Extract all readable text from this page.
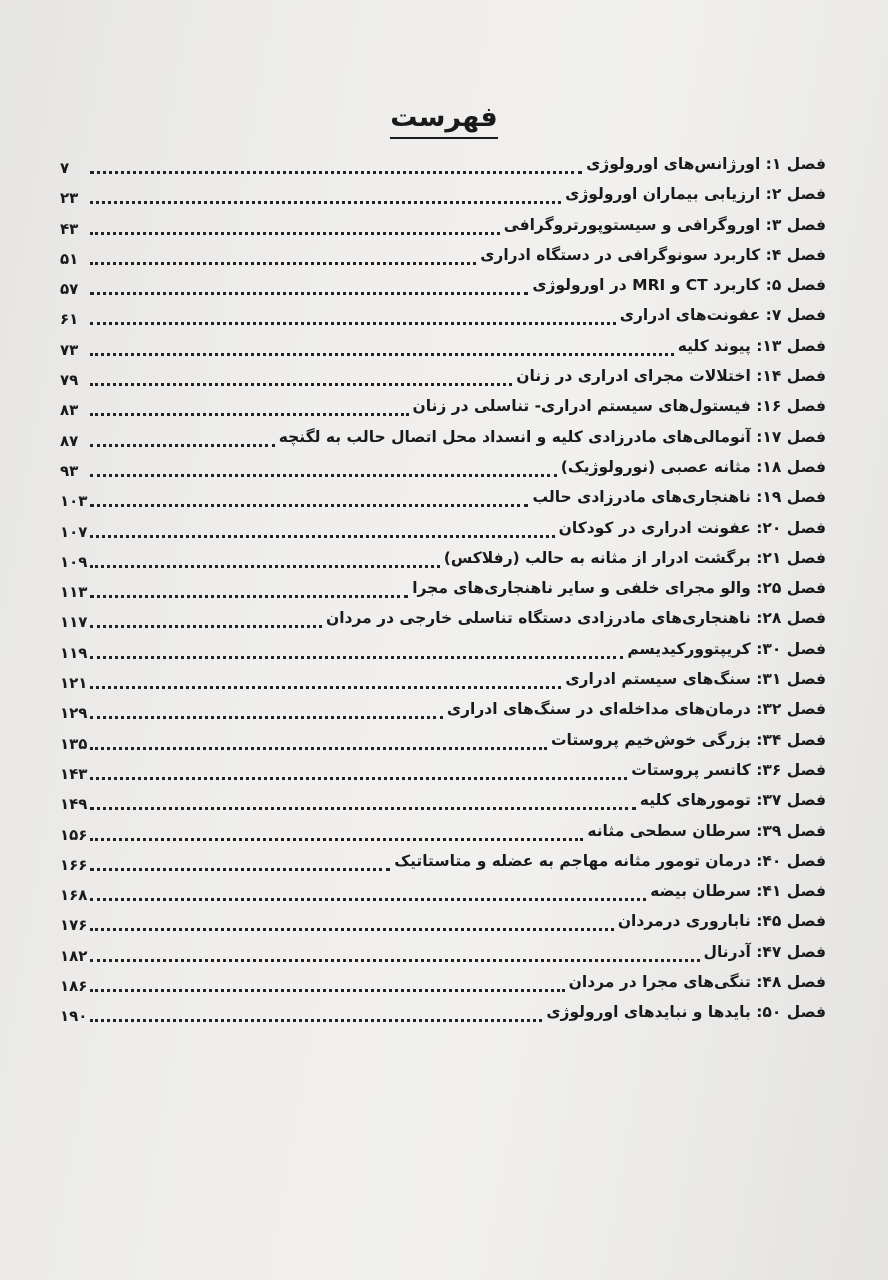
فهرست
فصل ۱: اورژانس‌های اورولوژی
۷
فصل ۲: ارزیابی بیماران اورولوژی
۲۳
فصل ۳: اوروگرافی و سیستوپورتروگرافی
۴۳
فصل ۴: کاربرد سونوگرافی در دستگاه ادراری
۵۱
فصل ۵: کاربرد CT و MRI در اورولوژی
۵۷
فصل ۷: عفونت‌های ادراری
۶۱
فصل ۱۳: پیوند کلیه
۷۳
فصل ۱۴: اختلالات مجرای ادراری در زنان
۷۹
فصل ۱۶: فیستول‌های سیستم ادراری- تناسلی در زنان
۸۳
فصل ۱۷: آنومالی‌های مادرزادی کلیه و انسداد محل اتصال حالب به لگنچه
۸۷
فصل ۱۸: مثانه عصبی (نورولوژیک)
۹۳
فصل ۱۹: ناهنجاری‌های مادرزادی حالب
۱۰۳
فصل ۲۰: عفونت ادراری در کودکان
۱۰۷
فصل ۲۱: برگشت ادرار از مثانه به حالب (رفلاکس)
۱۰۹
فصل ۲۵: والو مجرای خلفی و سایر ناهنجاری‌های مجرا
۱۱۳
فصل ۲۸: ناهنجاری‌های مادرزادی دستگاه تناسلی خارجی در مردان
۱۱۷
فصل ۳۰: کریپتوورکیدیسم
۱۱۹
فصل ۳۱: سنگ‌های سیستم ادراری
۱۲۱
فصل ۳۲: درمان‌های مداخله‌ای در سنگ‌های ادراری
۱۲۹
فصل ۳۴: بزرگی خوش‌خیم پروستات
۱۳۵
فصل ۳۶: کانسر پروستات
۱۴۳
فصل ۳۷: تومورهای کلیه
۱۴۹
فصل ۳۹: سرطان سطحی مثانه
۱۵۶
فصل ۴۰: درمان تومور مثانه مهاجم به عضله و متاستاتیک
۱۶۶
فصل ۴۱: سرطان بیضه
۱۶۸
فصل ۴۵: ناباروری درمردان
۱۷۶
فصل ۴۷: آدرنال
۱۸۲
فصل ۴۸: تنگی‌های مجرا در مردان
۱۸۶
فصل ۵۰: بایدها و نبایدهای اورولوژی
۱۹۰
